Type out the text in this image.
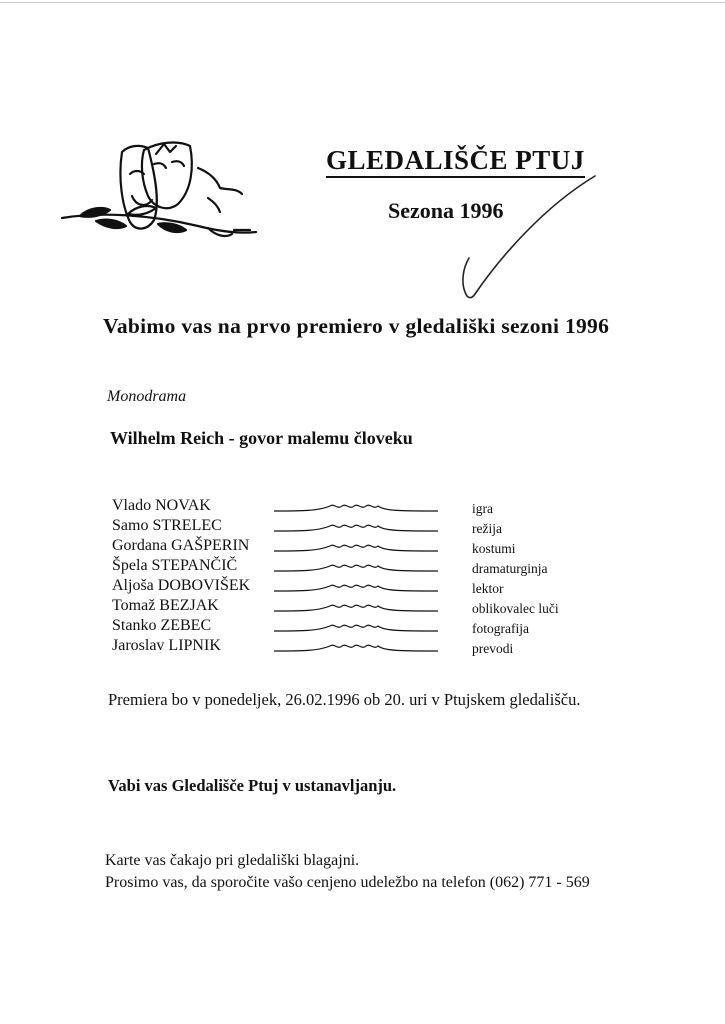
GLEDALIŠČE PTUJ
Sezona 1996
Vabimo vas na prvo premiero v gledališki sezoni 1996
Monodrama
Wilhelm Reich - govor malemu človeku
Vlado NOVAK	igra
Samo STRELEC	režija
Gordana GAŠPERIN	kostumi
Špela STEPANČIČ	dramaturginja
Aljoša DOBOVIŠEK	lektor
Tomaž BEZJAK	oblikovalec luči
Stanko ZEBEC	fotografija
Jaroslav LIPNIK	prevodi
Premiera bo v ponedeljek, 26.02.1996 ob 20. uri v Ptujskem gledališču.
Vabi vas Gledališče Ptuj v ustanavljanju.
Karte vas čakajo pri gledališki blagajni.
Prosimo vas, da sporočite vašo cenjeno udeležbo na telefon (062) 771 - 569
